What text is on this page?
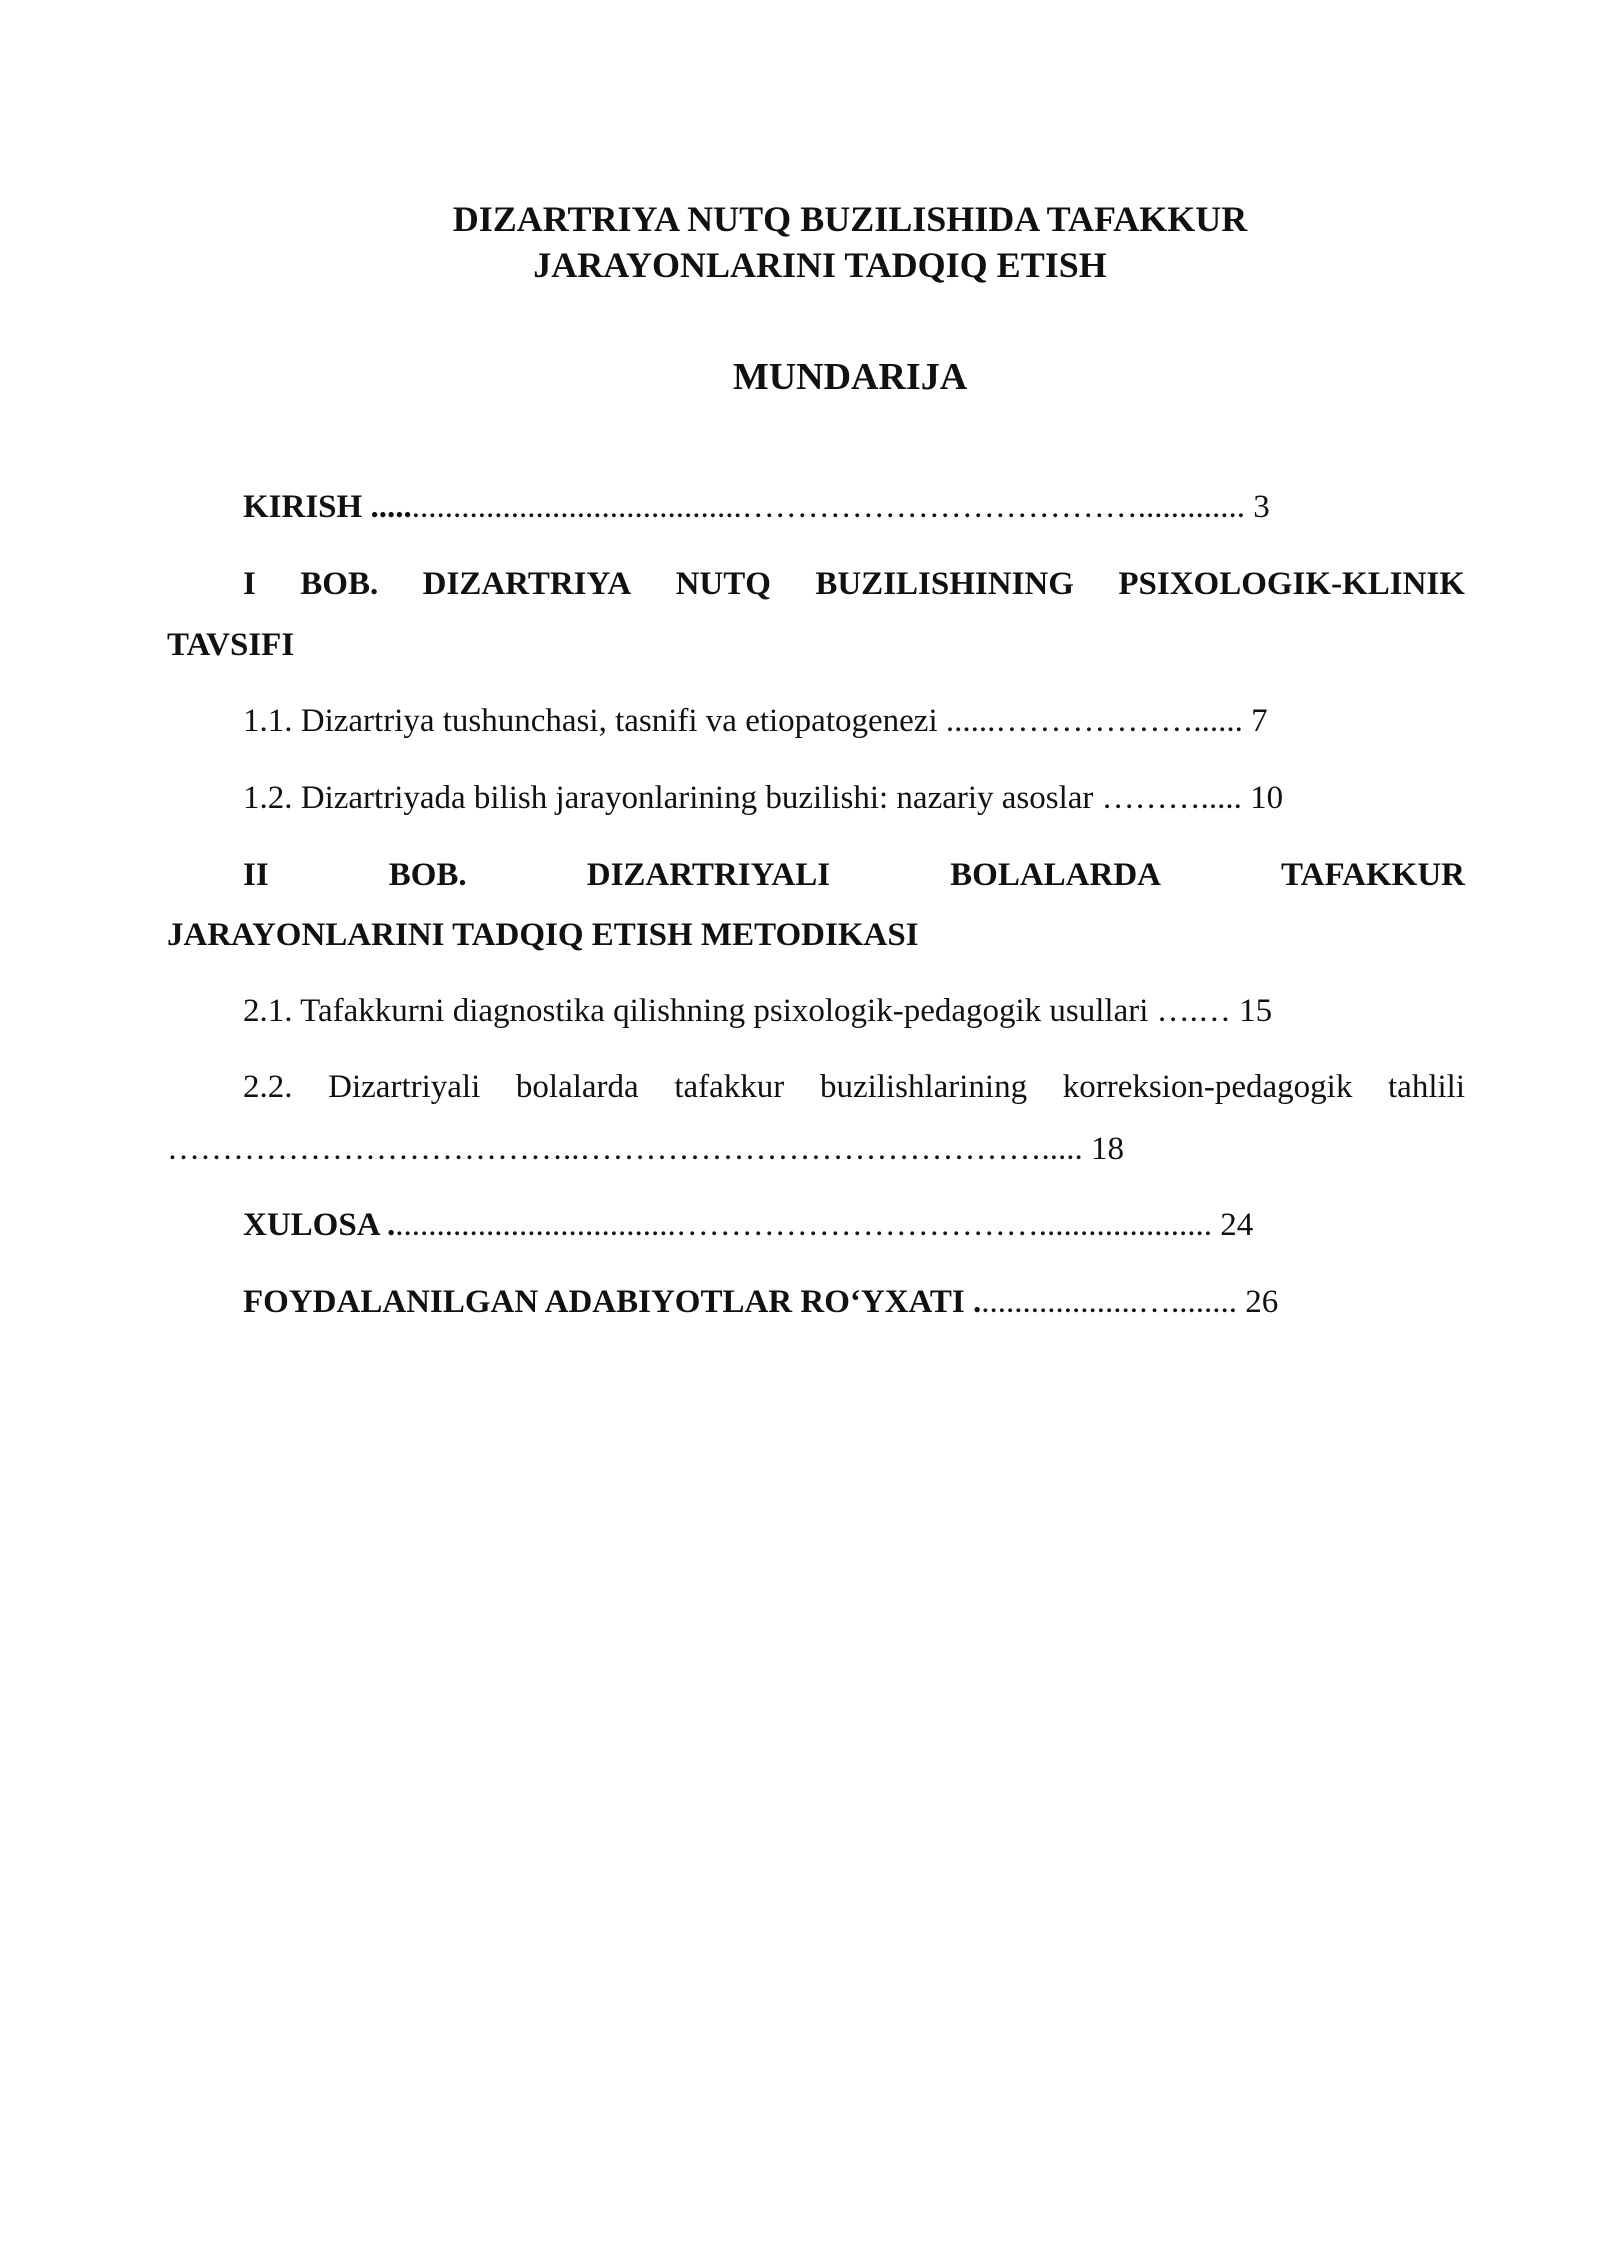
DIZARTRIYA NUTQ BUZILISHIDA TAFAKKUR

JARAYONLARINI TADQIQ ETISH

MUNDARIJA

KIRISH .............................................………………………………............. 3

I BOB. DIZARTRIYA NUTQ BUZILISHINING PSIXOLOGIK-KLINIK

TAVSIFI

1.1. Dizartriya tushunchasi, tasnifi va etiopatogenezi ......………………...... 7

1.2. Dizartriyada bilish jarayonlarining buzilishi: nazariy asoslar ………..... 10

II	BOB.	DIZARTRIYALI	BOLALARDA	TAFAKKUR

JARAYONLARINI TADQIQ ETISH METODIKASI

2.1. Tafakkurni diagnostika qilishning psixologik-pedagogik usullari ….… 15

2.2. Dizartriyali bolalarda tafakkur buzilishlarining korreksion-pedagogik tahlili

………………………………..……………………………………..... 18

XULOSA ...................................……………………………..................... 24

FOYDALANILGAN ADABIYOTLAR RO‘YXATI ....................…........ 26
